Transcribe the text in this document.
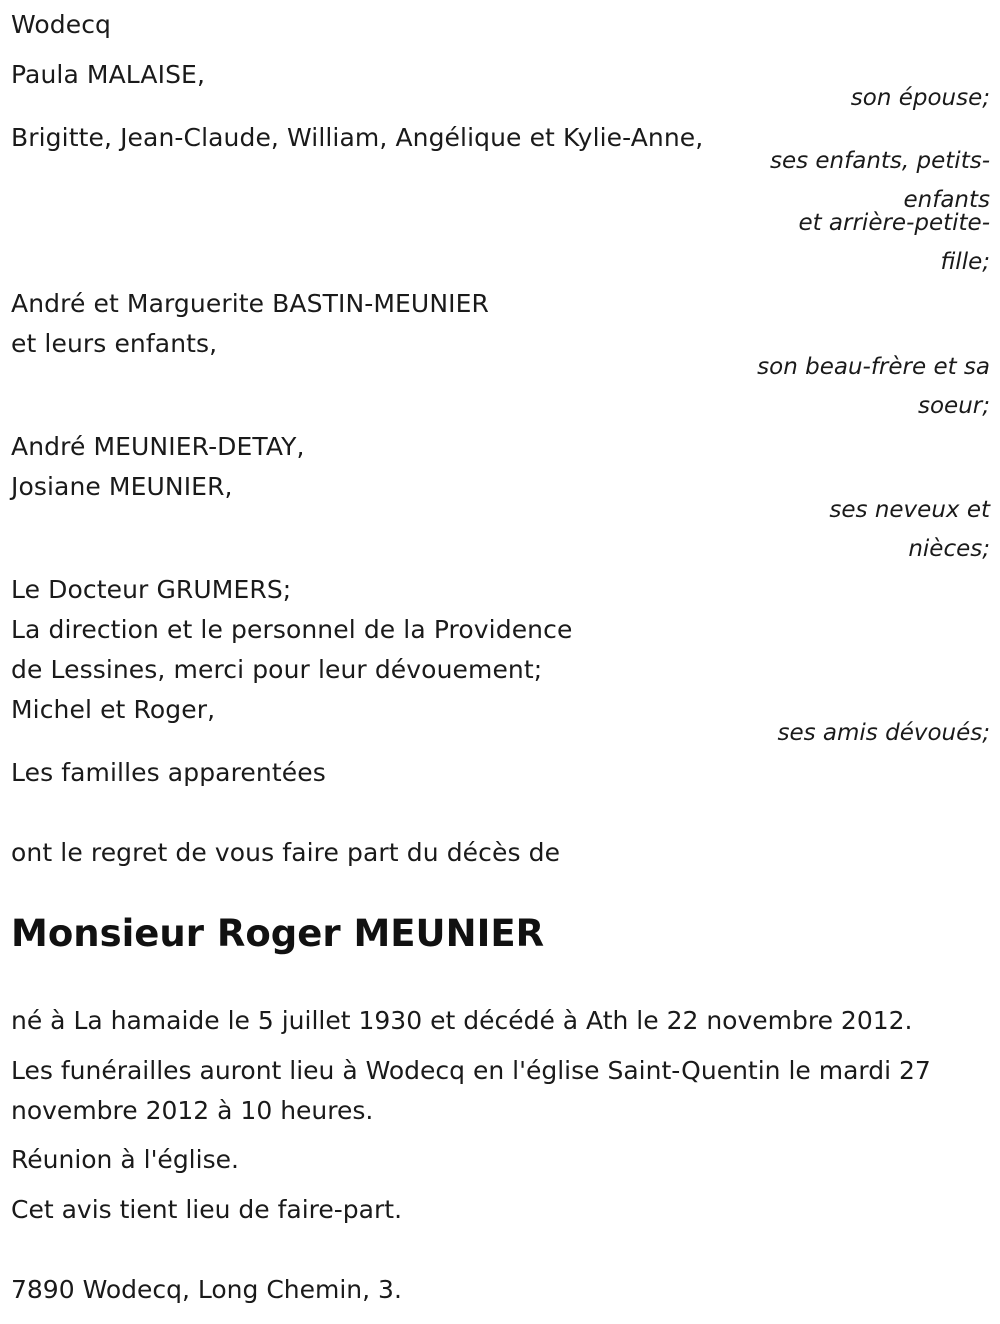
Wodecq
Paula MALAISE,
son épouse;
Brigitte, Jean-Claude, William, Angélique et Kylie-Anne,
ses enfants, petits-
enfants
et arrière-petite-
fille;
André et Marguerite BASTIN-MEUNIER
et leurs enfants,
son beau-frère et sa
soeur;
André MEUNIER-DETAY,
Josiane MEUNIER,
ses neveux et
nièces;
Le Docteur GRUMERS;
La direction et le personnel de la Providence
de Lessines, merci pour leur dévouement;
Michel et Roger,
ses amis dévoués;
Les familles apparentées
ont le regret de vous faire part du décès de
Monsieur Roger MEUNIER
né à La hamaide le 5 juillet 1930 et décédé à Ath le 22 novembre 2012.
Les funérailles auront lieu à Wodecq en l'église Saint-Quentin le mardi 27 novembre 2012 à 10 heures.
Réunion à l'église.
Cet avis tient lieu de faire-part.
7890 Wodecq, Long Chemin, 3.
